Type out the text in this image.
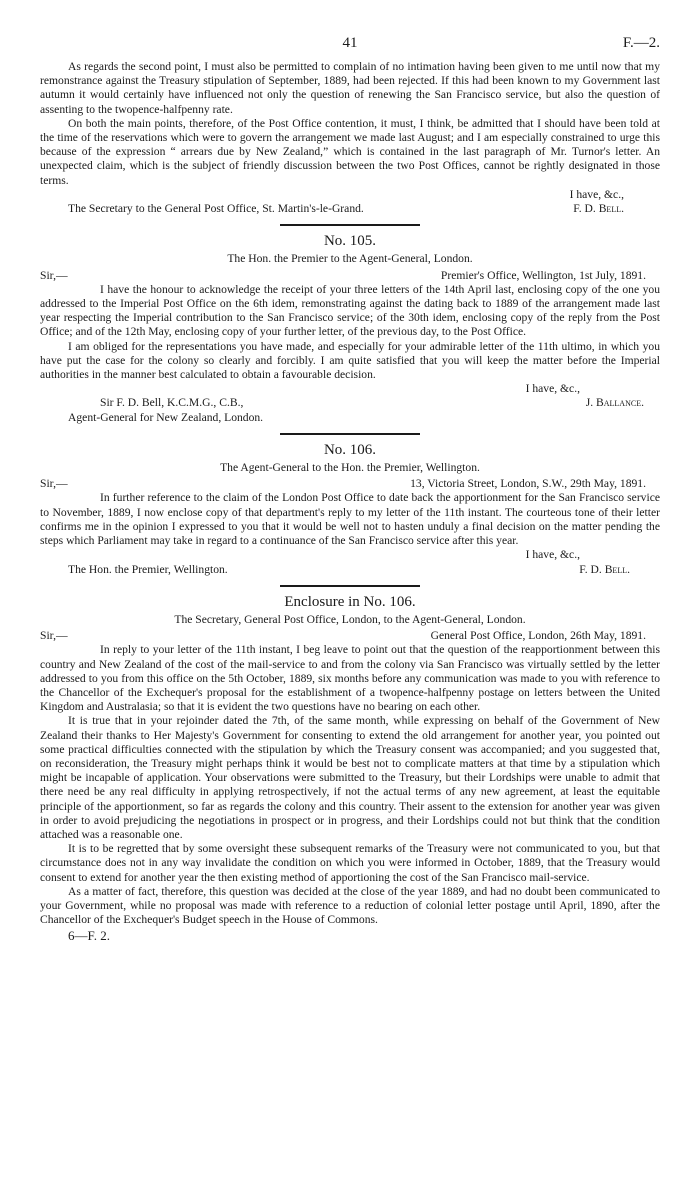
41	F.—2.

As regards the second point, I must also be permitted to complain of no intimation having been given to me until now that my remonstrance against the Treasury stipulation of September, 1889, had been rejected. If this had been known to my Government last autumn it would certainly have influenced not only the question of renewing the San Francisco service, but also the question of assenting to the twopence-halfpenny rate.

On both the main points, therefore, of the Post Office contention, it must, I think, be admitted that I should have been told at the time of the reservations which were to govern the arrangement we made last August; and I am especially constrained to urge this because of the expression “ arrears due by New Zealand,” which is contained in the last paragraph of Mr. Turnor's letter. An unexpected claim, which is the subject of friendly discussion between the two Post Offices, cannot be rightly designated in those terms.

I have, &c.,
The Secretary to the General Post Office, St. Martin's-le-Grand.	F. D. Bell.
No. 105.
The Hon. the Premier to the Agent-General, London.
Sir,—	Premier's Office, Wellington, 1st July, 1891.

I have the honour to acknowledge the receipt of your three letters of the 14th April last, enclosing copy of the one you addressed to the Imperial Post Office on the 6th idem, remonstrating against the dating back to 1889 of the arrangement made last year respecting the Imperial contribution to the San Francisco service; of the 30th idem, enclosing copy of the reply from the Post Office; and of the 12th May, enclosing copy of your further letter, of the previous day, to the Post Office.

I am obliged for the representations you have made, and especially for your admirable letter of the 11th ultimo, in which you have put the case for the colony so clearly and forcibly. I am quite satisfied that you will keep the matter before the Imperial authorities in the manner best calculated to obtain a favourable decision.

I have, &c.,
Sir F. D. Bell, K.C.M.G., C.B.,	J. Ballance.
Agent-General for New Zealand, London.
No. 106.
The Agent-General to the Hon. the Premier, Wellington.
Sir,—	13, Victoria Street, London, S.W., 29th May, 1891.

In further reference to the claim of the London Post Office to date back the apportionment for the San Francisco service to November, 1889, I now enclose copy of that department's reply to my letter of the 11th instant. The courteous tone of their letter confirms me in the opinion I expressed to you that it would be well not to hasten unduly a final decision on the matter pending the steps which Parliament may take in regard to a continuance of the San Francisco service after this year.

I have, &c.,
The Hon. the Premier, Wellington.	F. D. Bell.
Enclosure in No. 106.
The Secretary, General Post Office, London, to the Agent-General, London.
Sir,—	General Post Office, London, 26th May, 1891.

In reply to your letter of the 11th instant, I beg leave to point out that the question of the reapportionment between this country and New Zealand of the cost of the mail-service to and from the colony via San Francisco was virtually settled by the letter addressed to you from this office on the 5th October, 1889, six months before any communication was made to you with reference to the Chancellor of the Exchequer's proposal for the establishment of a twopence-halfpenny postage on letters between the United Kingdom and Australasia; so that it is evident the two questions have no bearing on each other.

It is true that in your rejoinder dated the 7th, of the same month, while expressing on behalf of the Government of New Zealand their thanks to Her Majesty's Government for consenting to extend the old arrangement for another year, you pointed out some practical difficulties connected with the stipulation by which the Treasury consent was accompanied; and you suggested that, on reconsideration, the Treasury might perhaps think it would be best not to complicate matters at that time by a stipulation which might be incapable of application. Your observations were submitted to the Treasury, but their Lordships were unable to admit that there need be any real difficulty in applying retrospectively, if not the actual terms of any new agreement, at least the equitable principle of the apportionment, so far as regards the colony and this country. Their assent to the extension for another year was given in order to avoid prejudicing the negotiations in prospect or in progress, and their Lordships could not but think that the condition attached was a reasonable one.

It is to be regretted that by some oversight these subsequent remarks of the Treasury were not communicated to you, but that circumstance does not in any way invalidate the condition on which you were informed in October, 1889, that the Treasury would consent to extend for another year the then existing method of apportioning the cost of the San Francisco mail-service.

As a matter of fact, therefore, this question was decided at the close of the year 1889, and had no doubt been communicated to your Government, while no proposal was made with reference to a reduction of colonial letter postage until April, 1890, after the Chancellor of the Exchequer's Budget speech in the House of Commons.

6—F. 2.
